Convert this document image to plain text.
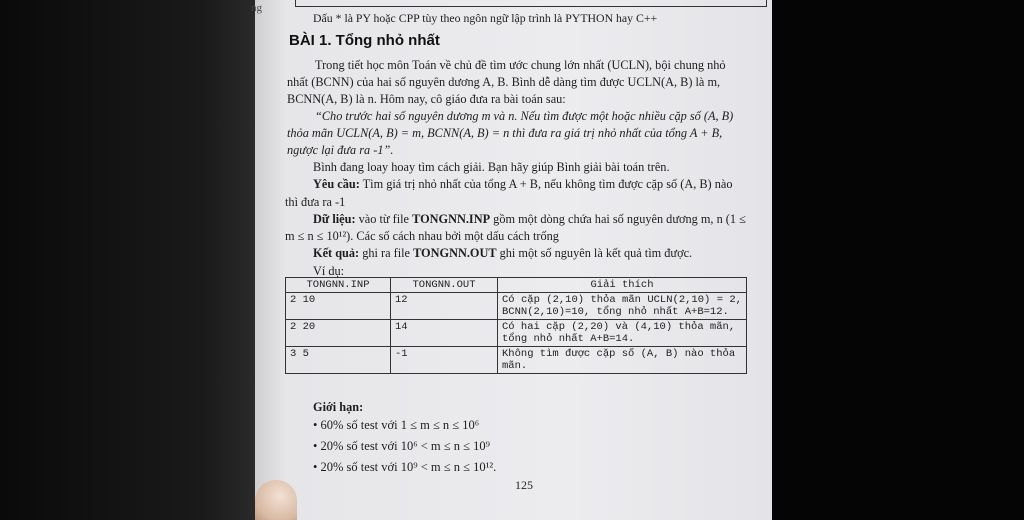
ng
Dấu * là PY hoặc CPP tùy theo ngôn ngữ lập trình là PYTHON hay C++
BÀI 1. Tổng nhỏ nhất
Trong tiết học môn Toán về chủ đề tìm ước chung lớn nhất (UCLN), bội chung nhỏ
nhất (BCNN) của hai số nguyên dương A, B. Bình dễ dàng tìm được UCLN(A, B) là m,
BCNN(A, B) là n. Hôm nay, cô giáo đưa ra bài toán sau:
“Cho trước hai số nguyên dương m và n. Nếu tìm được một hoặc nhiều cặp số (A, B)
thỏa mãn UCLN(A, B) = m, BCNN(A, B) = n thì đưa ra giá trị nhỏ nhất của tổng A + B,
ngược lại đưa ra -1”.
Bình đang loay hoay tìm cách giải. Bạn hãy giúp Bình giải bài toán trên.
Yêu cầu: Tìm giá trị nhỏ nhất của tổng A + B, nếu không tìm được cặp số (A, B) nào
thì đưa ra -1
Dữ liệu: vào từ file TONGNN.INP gồm một dòng chứa hai số nguyên dương m, n (1 ≤
m ≤ n ≤ 10¹²). Các số cách nhau bởi một dấu cách trống
Kết quả: ghi ra file TONGNN.OUT ghi một số nguyên là kết quả tìm được.
Ví dụ:
TONGNN.INP	TONGNN.OUT	Giải thích
2 10	12	Có cặp (2,10) thỏa mãn UCLN(2,10) = 2, BCNN(2,10)=10, tổng nhỏ nhất A+B=12.
2 20	14	Có hai cặp (2,20) và (4,10) thỏa mãn, tổng nhỏ nhất A+B=14.
3 5	-1	Không tìm được cặp số (A, B) nào thỏa mãn.
Giới hạn:
• 60% số test với 1 ≤ m ≤ n ≤ 10⁶
• 20% số test với 10⁶ < m ≤ n ≤ 10⁹
• 20% số test với 10⁹ < m ≤ n ≤ 10¹².
125
